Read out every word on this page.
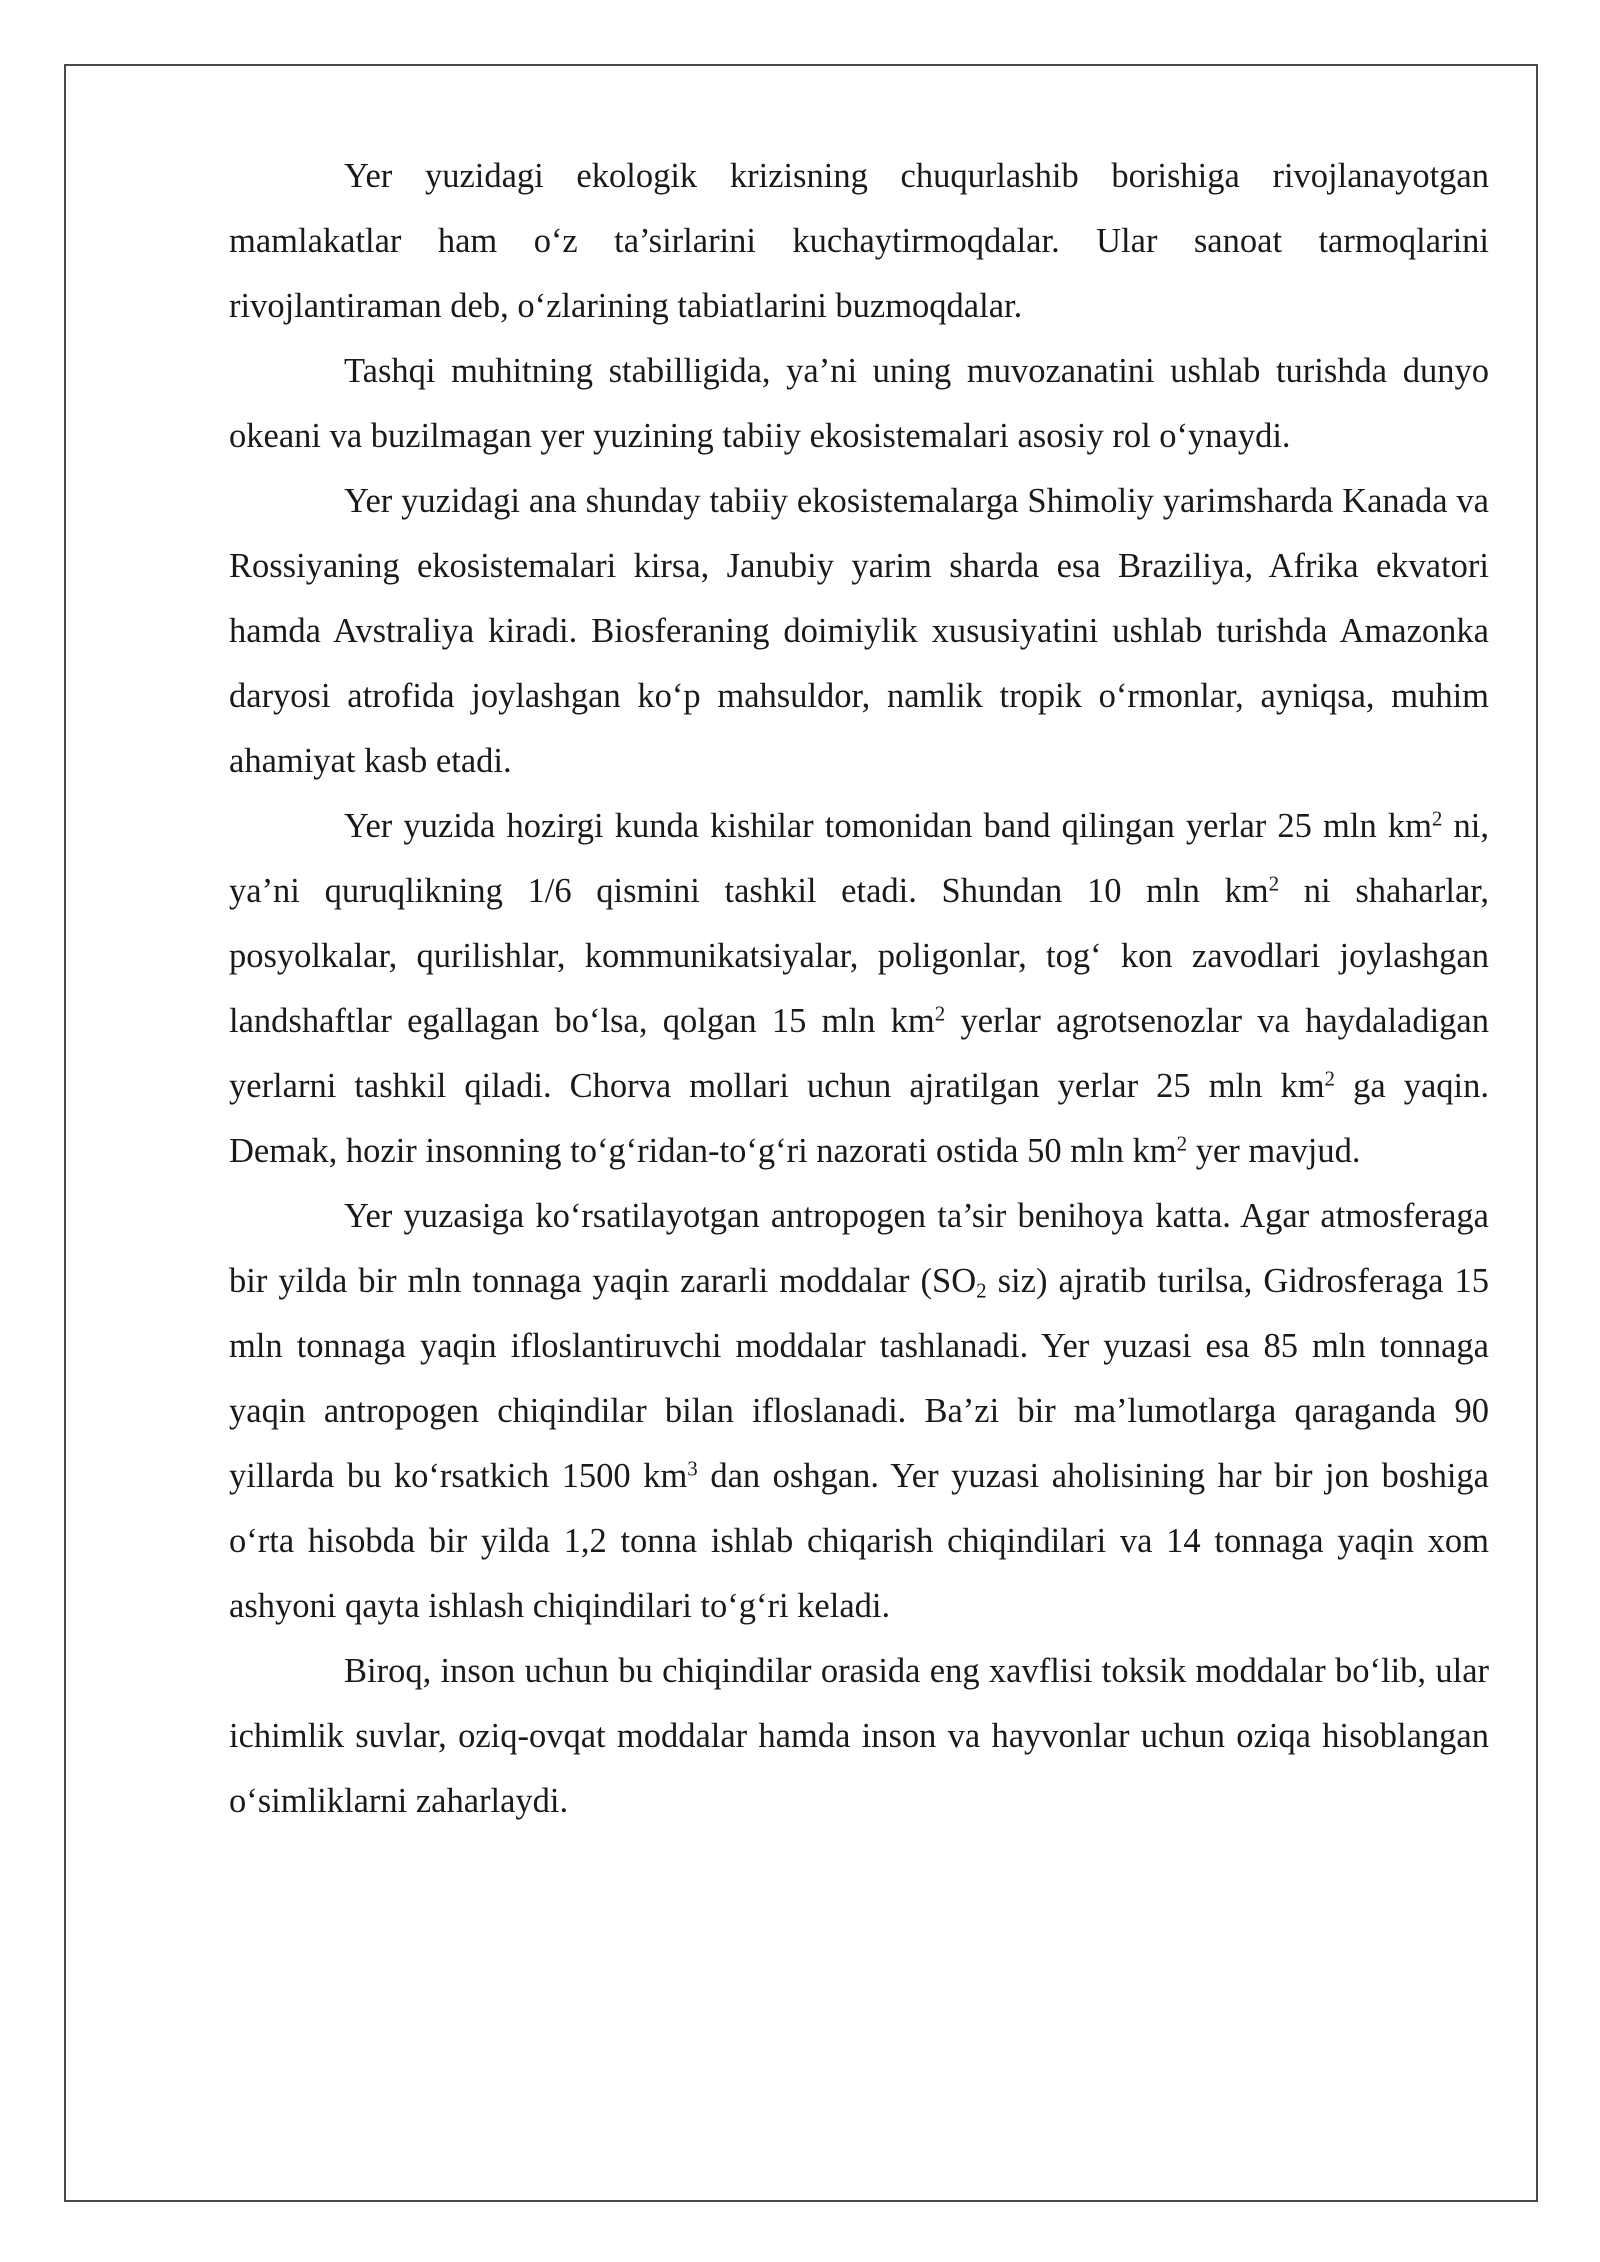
Yer yuzidagi ekologik krizisning chuqurlashib borishiga rivojlanayotgan mamlakatlar ham o‘z ta’sirlarini kuchaytirmoqdalar. Ular sanoat tarmoqlarini rivojlantiraman deb, o‘zlarining tabiatlarini buzmoqdalar.

Tashqi muhitning stabilligida, ya’ni uning muvozanatini ushlab turishda dunyo okeani va buzilmagan yer yuzining tabiiy ekosistemalari asosiy rol o‘ynaydi.

Yer yuzidagi ana shunday tabiiy ekosistemalarga Shimoliy yarimsharda Kanada va Rossiyaning ekosistemalari kirsa, Janubiy yarim sharda esa Braziliya, Afrika ekvatori hamda Avstraliya kiradi. Biosferaning doimiylik xususiyatini ushlab turishda Amazonka daryosi atrofida joylashgan ko‘p mahsuldor, namlik tropik o‘rmonlar, ayniqsa, muhim ahamiyat kasb etadi.

Yer yuzida hozirgi kunda kishilar tomonidan band qilingan yerlar 25 mln $km^2$ ni, ya’ni quruqlikning 1/6 qismini tashkil etadi. Shundan 10 mln $km^2$ ni shaharlar, posyolkalar, qurilishlar, kommunikatsiyalar, poligonlar, tog‘ kon zavodlari joylashgan landshaftlar egallagan bo‘lsa, qolgan 15 mln $km^2$ yerlar agrotsenozlar va haydaladigan yerlarni tashkil qiladi. Chorva mollari uchun ajratilgan yerlar 25 mln $km^2$ ga yaqin. Demak, hozir insonning to‘g‘ridan-to‘g‘ri nazorati ostida 50 mln $km^2$ yer mavjud.

Yer yuzasiga ko‘rsatilayotgan antropogen ta’sir benihoya katta. Agar atmosferaga bir yilda bir mln tonnaga yaqin zararli moddalar ($SO_2$ siz) ajratib turilsa, Gidrosferaga 15 mln tonnaga yaqin ifloslantiruvchi moddalar tashlanadi. Yer yuzasi esa 85 mln tonnaga yaqin antropogen chiqindilar bilan ifloslanadi. Ba’zi bir ma’lumotlarga qaraganda 90 yillarda bu ko‘rsatkich 1500 $km^3$ dan oshgan. Yer yuzasi aholisining har bir jon boshiga o‘rta hisobda bir yilda 1,2 tonna ishlab chiqarish chiqindilari va 14 tonnaga yaqin xom ashyoni qayta ishlash chiqindilari to‘g‘ri keladi.

Biroq, inson uchun bu chiqindilar orasida eng xavflisi toksik moddalar bo‘lib, ular ichimlik suvlar, oziq-ovqat moddalar hamda inson va hayvonlar uchun oziqa hisoblangan o‘simliklarni zaharlaydi.
